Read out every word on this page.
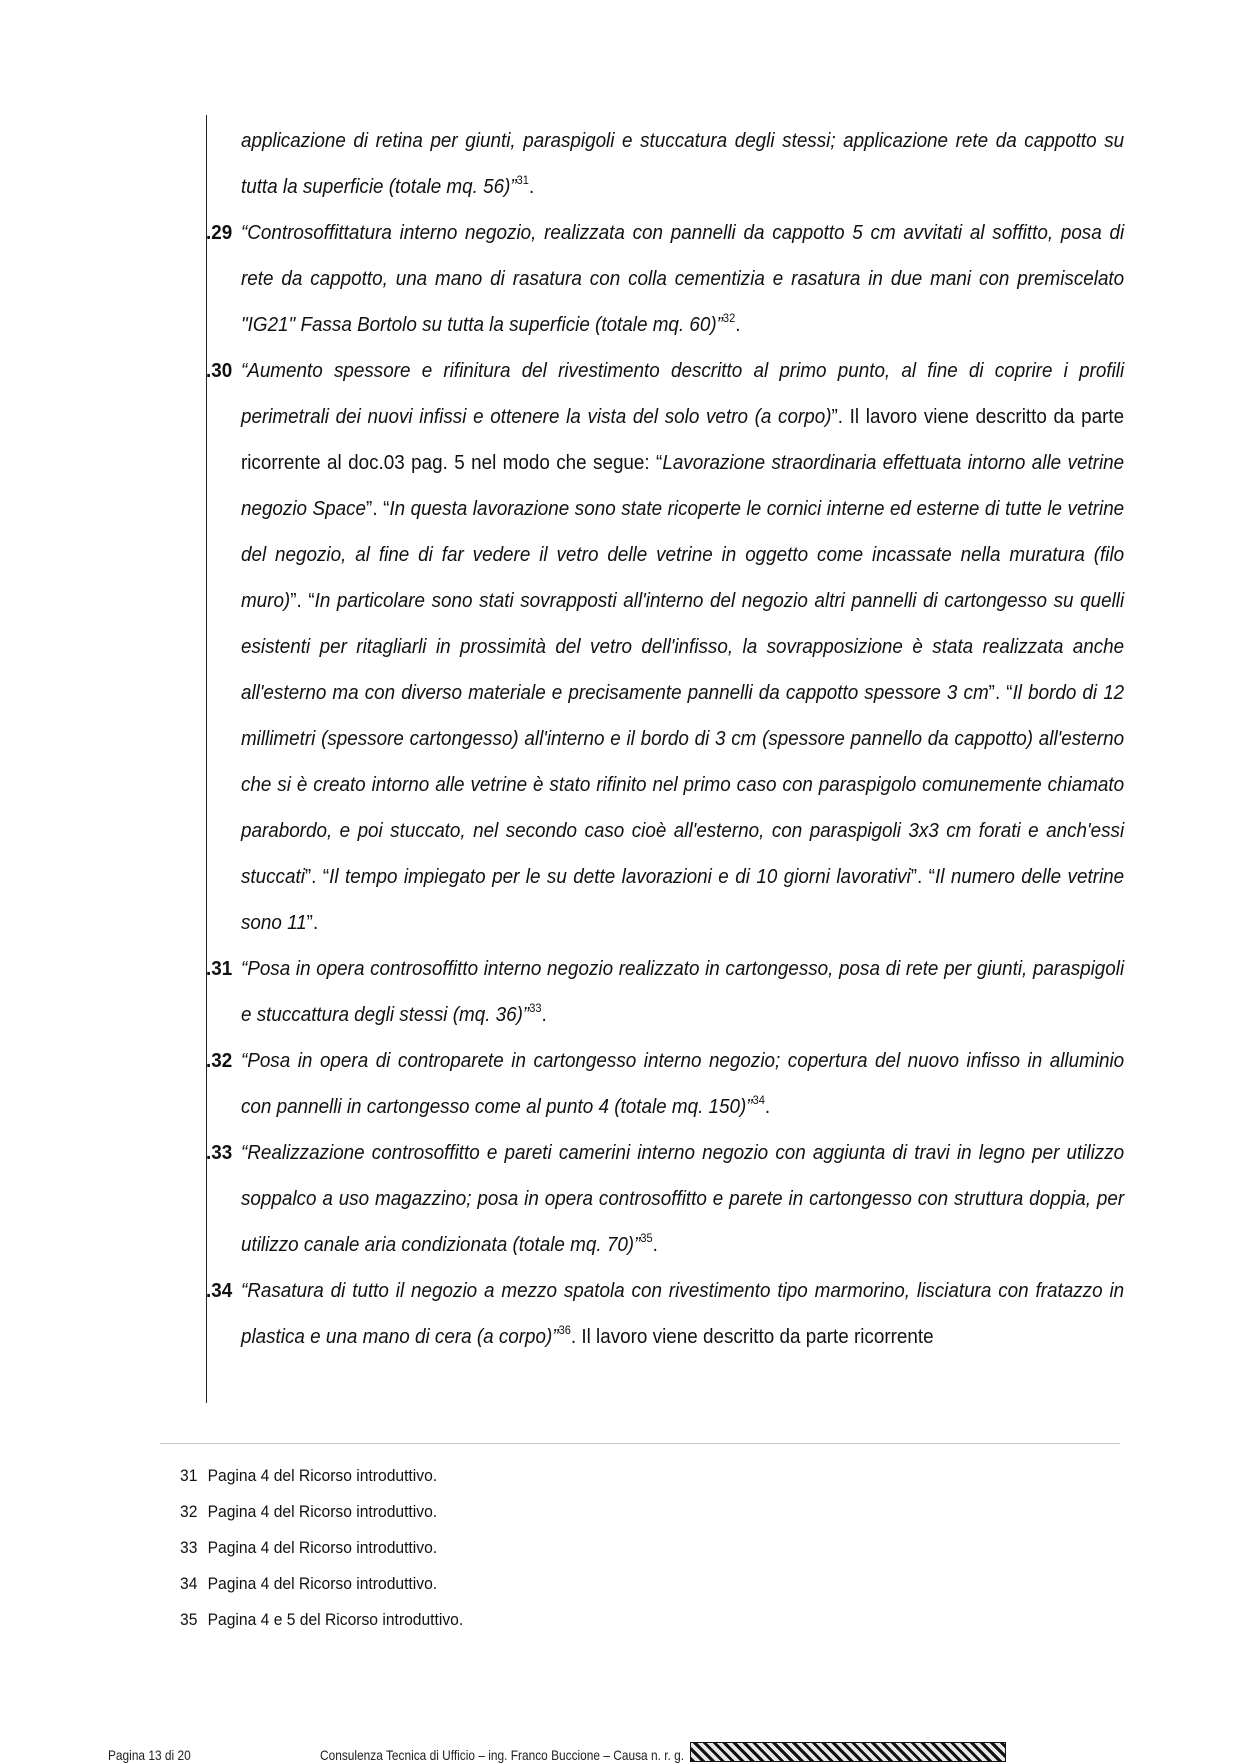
applicazione di retina per giunti, paraspigoli e stuccatura degli stessi; applicazione rete da cappotto su tutta la superficie (totale mq. 56)”$^{31}$.

.29 “Controsoffittatura interno negozio, realizzata con pannelli da cappotto 5 cm avvitati al soffitto, posa di rete da cappotto, una mano di rasatura con colla cementizia e rasatura in due mani con premiscelato "IG21" Fassa Bortolo su tutta la superficie (totale mq. 60)”$^{32}$.

.30 “Aumento spessore e rifinitura del rivestimento descritto al primo punto, al fine di coprire i profili perimetrali dei nuovi infissi e ottenere la vista del solo vetro (a corpo)”. Il lavoro viene descritto da parte ricorrente al doc.03 pag. 5 nel modo che segue: “Lavorazione straordinaria effettuata intorno alle vetrine negozio Space”. “In questa lavorazione sono state ricoperte le cornici interne ed esterne di tutte le vetrine del negozio, al fine di far vedere il vetro delle vetrine in oggetto come incassate nella muratura (filo muro)”. “In particolare sono stati sovrapposti all'interno del negozio altri pannelli di cartongesso su quelli esistenti per ritagliarli in prossimità del vetro dell'infisso, la sovrapposizione è stata realizzata anche all'esterno ma con diverso materiale e precisamente pannelli da cappotto spessore 3 cm”. “Il bordo di 12 millimetri (spessore cartongesso) all'interno e il bordo di 3 cm (spessore pannello da cappotto) all'esterno che si è creato intorno alle vetrine è stato rifinito nel primo caso con paraspigolo comunemente chiamato parabordo, e poi stuccato, nel secondo caso cioè all'esterno, con paraspigoli 3x3 cm forati e anch'essi stuccati”. “Il tempo impiegato per le su dette lavorazioni e di 10 giorni lavorativi”. “Il numero delle vetrine sono 11”.

.31 “Posa in opera controsoffitto interno negozio realizzato in cartongesso, posa di rete per giunti, paraspigoli e stuccattura degli stessi (mq. 36)”$^{33}$.

.32 “Posa in opera di controparete in cartongesso interno negozio; copertura del nuovo infisso in alluminio con pannelli in cartongesso come al punto 4 (totale mq. 150)”$^{34}$.

.33 “Realizzazione controsoffitto e pareti camerini interno negozio con aggiunta di travi in legno per utilizzo soppalco a uso magazzino; posa in opera controsoffitto e parete in cartongesso con struttura doppia, per utilizzo canale aria condizionata (totale mq. 70)”$^{35}$.

.34 “Rasatura di tutto il negozio a mezzo spatola con rivestimento tipo marmorino, lisciatura con fratazzo in plastica e una mano di cera (a corpo)”$^{36}$. Il lavoro viene descritto da parte ricorrente

31 Pagina 4 del Ricorso introduttivo.

32 Pagina 4 del Ricorso introduttivo.

33 Pagina 4 del Ricorso introduttivo.

34 Pagina 4 del Ricorso introduttivo.

35 Pagina 4 e 5 del Ricorso introduttivo.

Pagina 13 di 20	Consulenza Tecnica di Ufficio – ing. Franco Buccione – Causa n. r. g.
